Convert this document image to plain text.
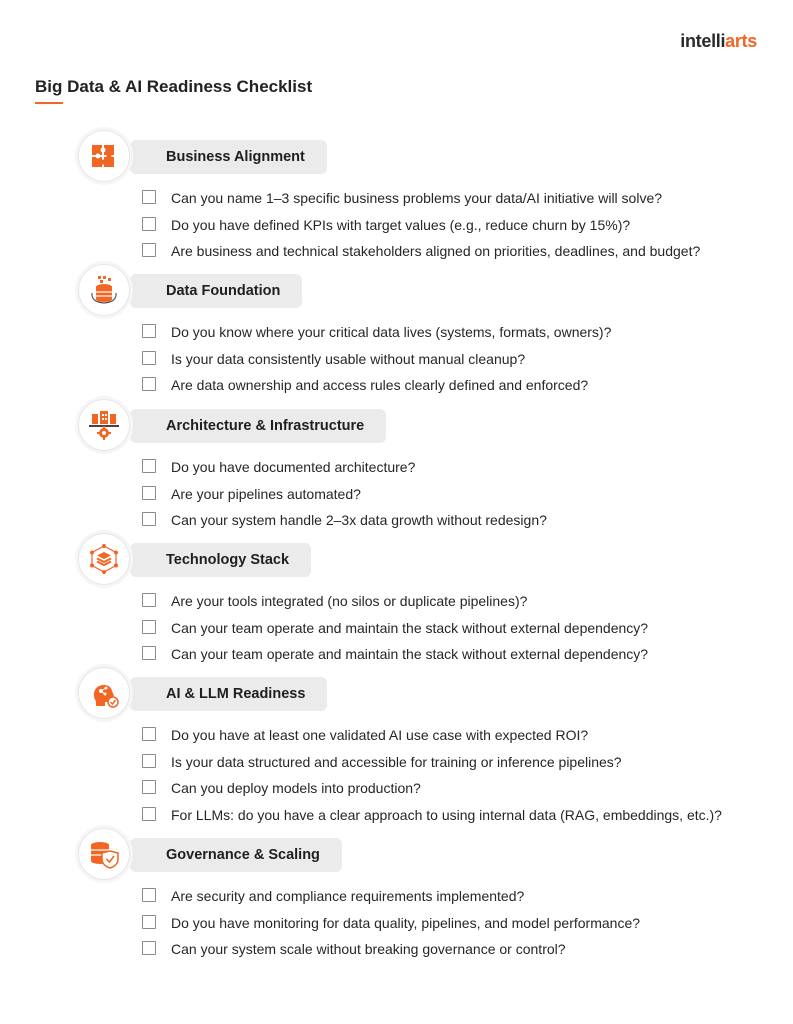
intelliarts
Big Data & AI Readiness Checklist
Business Alignment
Can you name 1–3 specific business problems your data/AI initiative will solve?
Do you have defined KPIs with target values (e.g., reduce churn by 15%)?
Are business and technical stakeholders aligned on priorities, deadlines, and budget?
Data Foundation
Do you know where your critical data lives (systems, formats, owners)?
Is your data consistently usable without manual cleanup?
Are data ownership and access rules clearly defined and enforced?
Architecture & Infrastructure
Do you have documented architecture?
Are your pipelines automated?
Can your system handle 2–3x data growth without redesign?
Technology Stack
Are your tools integrated (no silos or duplicate pipelines)?
Can your team operate and maintain the stack without external dependency?
Can your team operate and maintain the stack without external dependency?
AI & LLM Readiness
Do you have at least one validated AI use case with expected ROI?
Is your data structured and accessible for training or inference pipelines?
Can you deploy models into production?
For LLMs: do you have a clear approach to using internal data (RAG, embeddings, etc.)?
Governance & Scaling
Are security and compliance requirements implemented?
Do you have monitoring for data quality, pipelines, and model performance?
Can your system scale without breaking governance or control?
